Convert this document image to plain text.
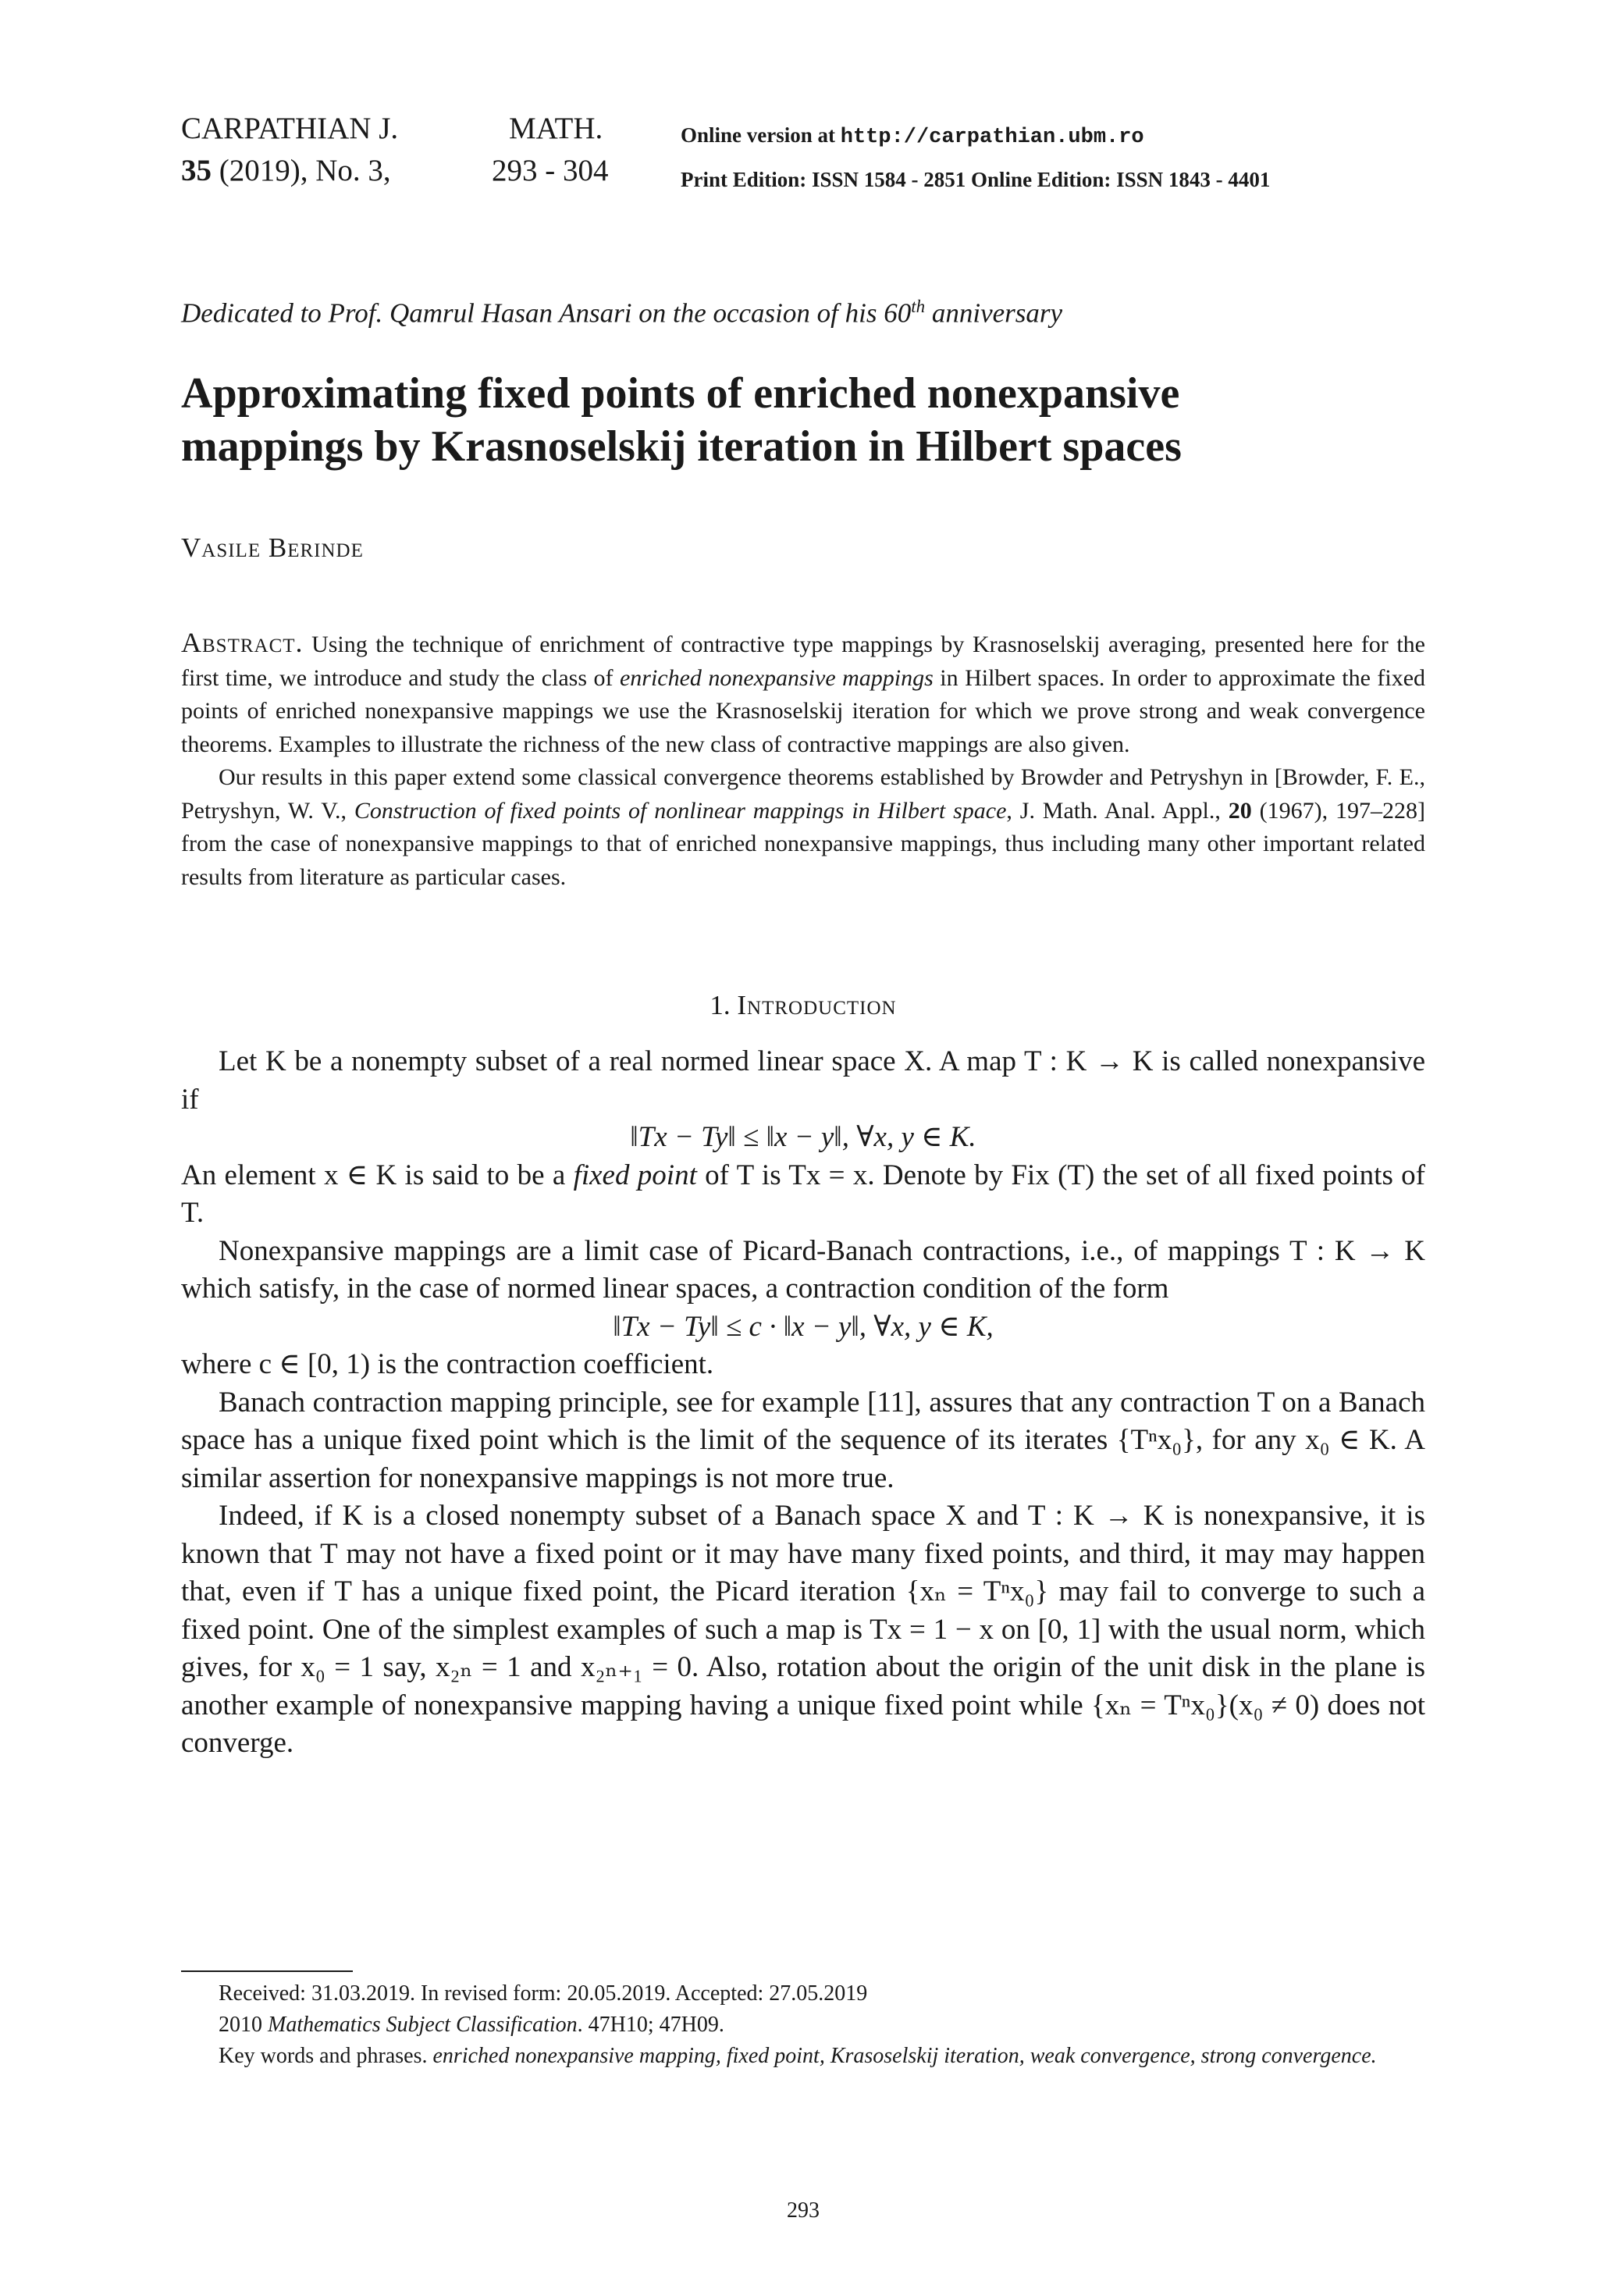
CARPATHIAN J.
35 (2019), No. 3,
MATH.
293 - 304
Online version at http://carpathian.ubm.ro
Print Edition: ISSN 1584 - 2851 Online Edition: ISSN 1843 - 4401
Dedicated to Prof. Qamrul Hasan Ansari on the occasion of his 60th anniversary
Approximating fixed points of enriched nonexpansive
mappings by Krasnoselskij iteration in Hilbert spaces
Vasile Berinde

Abstract. Using the technique of enrichment of contractive type mappings by Krasnoselskij averaging, presented here for the first time, we introduce and study the class of enriched nonexpansive mappings in Hilbert spaces. In order to approximate the fixed points of enriched nonexpansive mappings we use the Krasnoselskij iteration for which we prove strong and weak convergence theorems. Examples to illustrate the richness of the new class of contractive mappings are also given.

Our results in this paper extend some classical convergence theorems established by Browder and Petryshyn in [Browder, F. E., Petryshyn, W. V., Construction of fixed points of nonlinear mappings in Hilbert space, J. Math. Anal. Appl., 20 (1967), 197–228] from the case of nonexpansive mappings to that of enriched nonexpansive mappings, thus including many other important related results from literature as particular cases.

1. Introduction

Let K be a nonempty subset of a real normed linear space X. A map T : K → K is called nonexpansive if

‖Tx − Ty‖ ≤ ‖x − y‖, ∀x, y ∈ K.

An element x ∈ K is said to be a fixed point of T is Tx = x. Denote by Fix (T) the set of all fixed points of T.

Nonexpansive mappings are a limit case of Picard-Banach contractions, i.e., of mappings T : K → K which satisfy, in the case of normed linear spaces, a contraction condition of the form

‖Tx − Ty‖ ≤ c · ‖x − y‖, ∀x, y ∈ K,

where c ∈ [0, 1) is the contraction coefficient.

Banach contraction mapping principle, see for example [11], assures that any contraction T on a Banach space has a unique fixed point which is the limit of the sequence of its iterates {Tⁿx₀}, for any x₀ ∈ K. A similar assertion for nonexpansive mappings is not more true.

Indeed, if K is a closed nonempty subset of a Banach space X and T : K → K is nonexpansive, it is known that T may not have a fixed point or it may have many fixed points, and third, it may may happen that, even if T has a unique fixed point, the Picard iteration {xₙ = Tⁿx₀} may fail to converge to such a fixed point. One of the simplest examples of such a map is Tx = 1 − x on [0, 1] with the usual norm, which gives, for x₀ = 1 say, x₂ₙ = 1 and x₂ₙ₊₁ = 0. Also, rotation about the origin of the unit disk in the plane is another example of nonexpansive mapping having a unique fixed point while {xₙ = Tⁿx₀}(x₀ ≠ 0) does not converge.

Received: 31.03.2019. In revised form: 20.05.2019. Accepted: 27.05.2019

2010 Mathematics Subject Classification. 47H10; 47H09.

Key words and phrases. enriched nonexpansive mapping, fixed point, Krasoselskij iteration, weak convergence, strong convergence.

293
